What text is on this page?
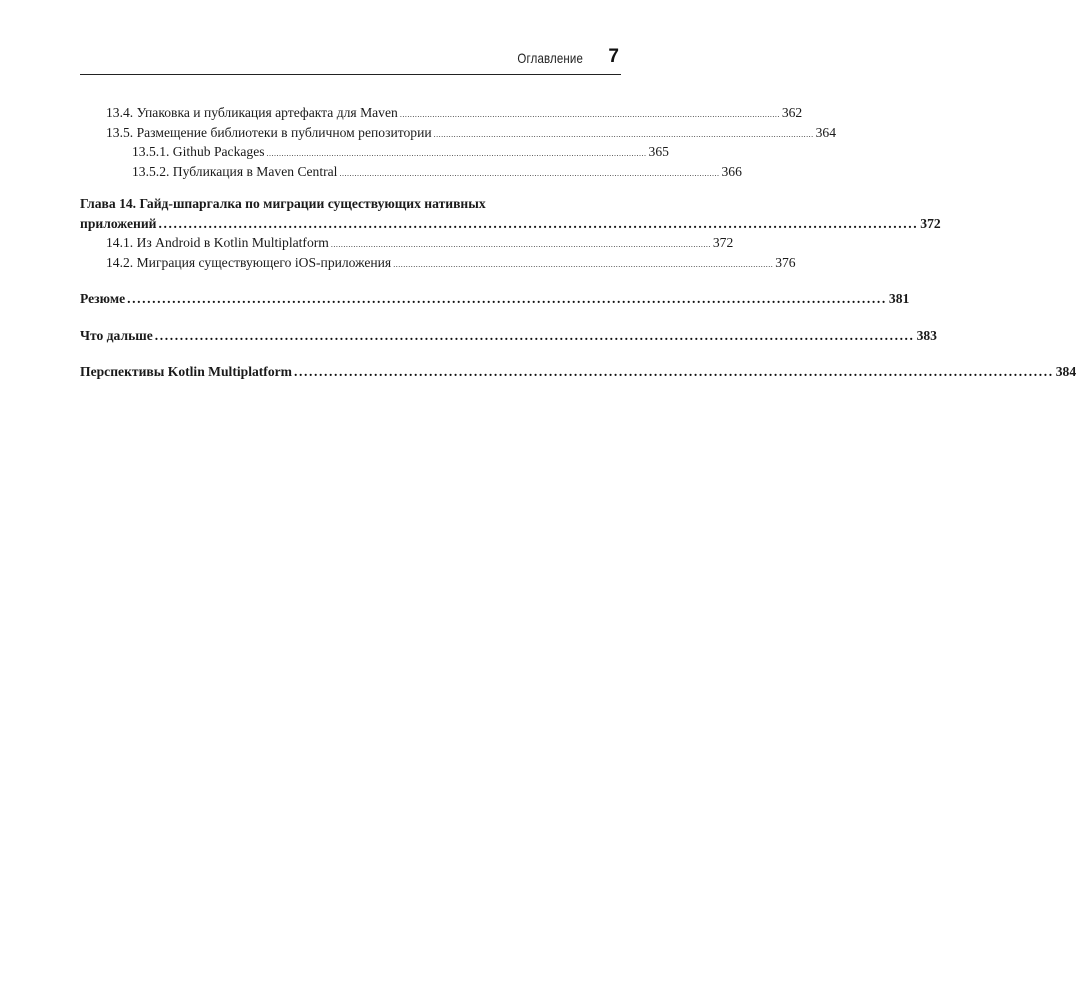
Оглавление 7
13.4. Упаковка и публикация артефакта для Maven ........................................................................................................................................................ 362
13.5. Размещение библиотеки в публичном репозитории ........................................................................................................................................................ 364
13.5.1. Github Packages ........................................................................................................................................................ 365
13.5.2. Публикация в Maven Central ........................................................................................................................................................ 366
Глава 14. Гайд-шпаргалка по миграции существующих нативных
приложений ........................................................................................................................................................ 372
14.1. Из Android в Kotlin Multiplatform ........................................................................................................................................................ 372
14.2. Миграция существующего iOS-приложения ........................................................................................................................................................ 376
Резюме ........................................................................................................................................................ 381
Что дальше ........................................................................................................................................................ 383
Перспективы Kotlin Multiplatform ........................................................................................................................................................ 384
